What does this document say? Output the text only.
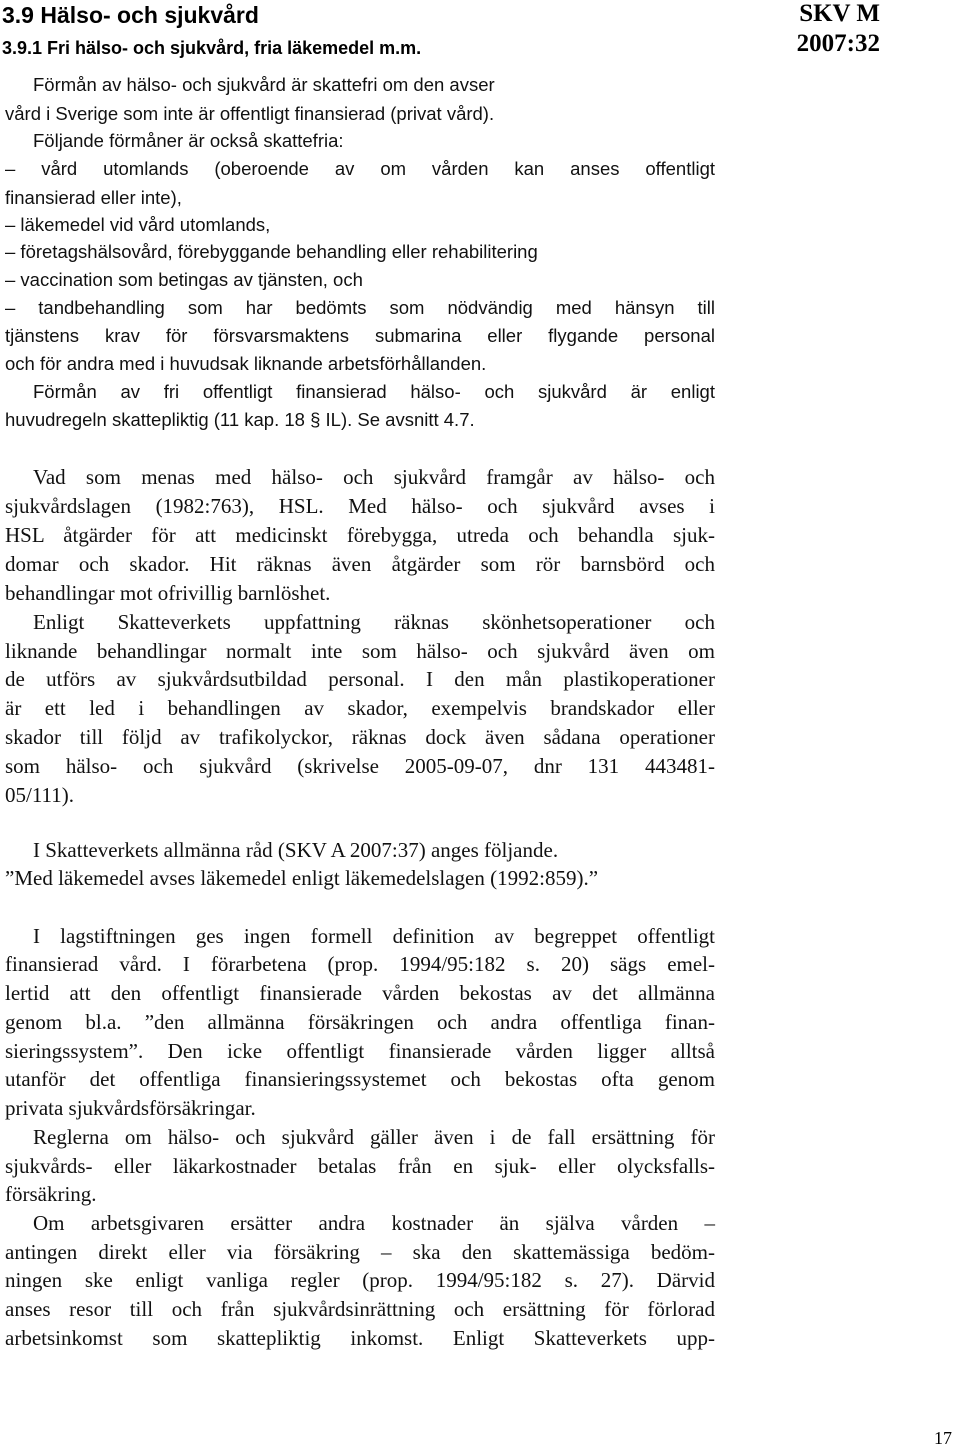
3.9 Hälso- och sjukvård
3.9.1 Fri hälso- och sjukvård, fria läkemedel m.m.
SKV M
2007:32
Förmån av hälso- och sjukvård är skattefri om den avser
vård i Sverige som inte är offentligt finansierad (privat vård).
Följande förmåner är också skattefria:
– vård utomlands (oberoende av om vården kan anses offentligt
finansierad eller inte),
– läkemedel vid vård utomlands,
– företagshälsovård, förebyggande behandling eller rehabilitering
– vaccination som betingas av tjänsten, och
– tandbehandling som har bedömts som nödvändig med hänsyn till
tjänstens krav för försvarsmaktens submarina eller flygande personal
och för andra med i huvudsak liknande arbetsförhållanden.
Förmån av fri offentligt finansierad hälso- och sjukvård är enligt
huvudregeln skattepliktig (11 kap. 18 § IL). Se avsnitt 4.7.
Vad som menas med hälso- och sjukvård framgår av hälso- och
sjukvårdslagen (1982:763), HSL. Med hälso- och sjukvård avses i
HSL åtgärder för att medicinskt förebygga, utreda och behandla sjuk-
domar och skador. Hit räknas även åtgärder som rör barnsbörd och
behandlingar mot ofrivillig barnlöshet.
Enligt Skatteverkets uppfattning räknas skönhetsoperationer och
liknande behandlingar normalt inte som hälso- och sjukvård även om
de utförs av sjukvårdsutbildad personal. I den mån plastikoperationer
är ett led i behandlingen av skador, exempelvis brandskador eller
skador till följd av trafikolyckor, räknas dock även sådana operationer
som hälso- och sjukvård (skrivelse 2005-09-07, dnr 131 443481-
05/111).
I Skatteverkets allmänna råd (SKV A 2007:37) anges följande.
”Med läkemedel avses läkemedel enligt läkemedelslagen (1992:859).”
I lagstiftningen ges ingen formell definition av begreppet offentligt
finansierad vård. I förarbetena (prop. 1994/95:182 s. 20) sägs emel-
lertid att den offentligt finansierade vården bekostas av det allmänna
genom bl.a. ”den allmänna försäkringen och andra offentliga finan-
sieringssystem”. Den icke offentligt finansierade vården ligger alltså
utanför det offentliga finansieringssystemet och bekostas ofta genom
privata sjukvårdsförsäkringar.
Reglerna om hälso- och sjukvård gäller även i de fall ersättning för
sjukvårds- eller läkarkostnader betalas från en sjuk- eller olycksfalls-
försäkring.
Om arbetsgivaren ersätter andra kostnader än själva vården –
antingen direkt eller via försäkring – ska den skattemässiga bedöm-
ningen ske enligt vanliga regler (prop. 1994/95:182 s. 27). Därvid
anses resor till och från sjukvårdsinrättning och ersättning för förlorad
arbetsinkomst som skattepliktig inkomst. Enligt Skatteverkets upp-
17
